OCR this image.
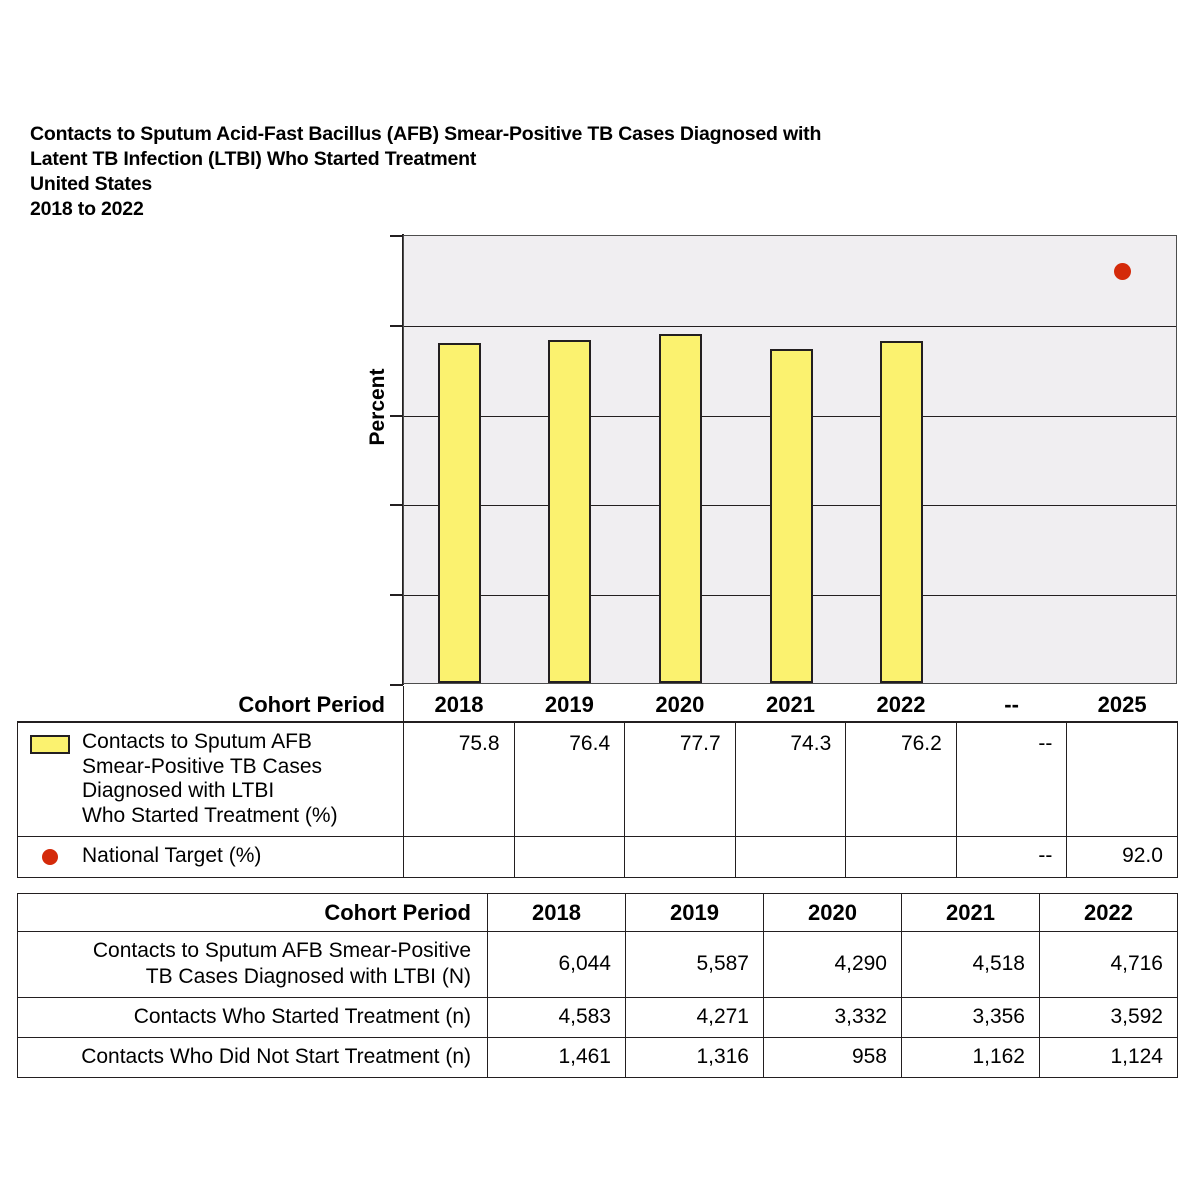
Contacts to Sputum Acid-Fast Bacillus (AFB) Smear-Positive TB Cases Diagnosed with
Latent TB Infection (LTBI) Who Started Treatment
United States
2018 to 2022
Percent
Cohort Period	2018	2019	2020	2021	2022	--	2025

Contacts to Sputum AFB
Smear-Positive TB Cases
Diagnosed with LTBI
Who Started Treatment (%)	75.8	76.4	77.7	74.3	76.2	--	

National Target (%)						--	92.0
Cohort Period	2018	2019	2020	2021	2022

Contacts to Sputum AFB Smear-Positive
TB Cases Diagnosed with LTBI (N)	6,044	5,587	4,290	4,518	4,716

Contacts Who Started Treatment (n)	4,583	4,271	3,332	3,356	3,592

Contacts Who Did Not Start Treatment (n)	1,461	1,316	958	1,162	1,124
